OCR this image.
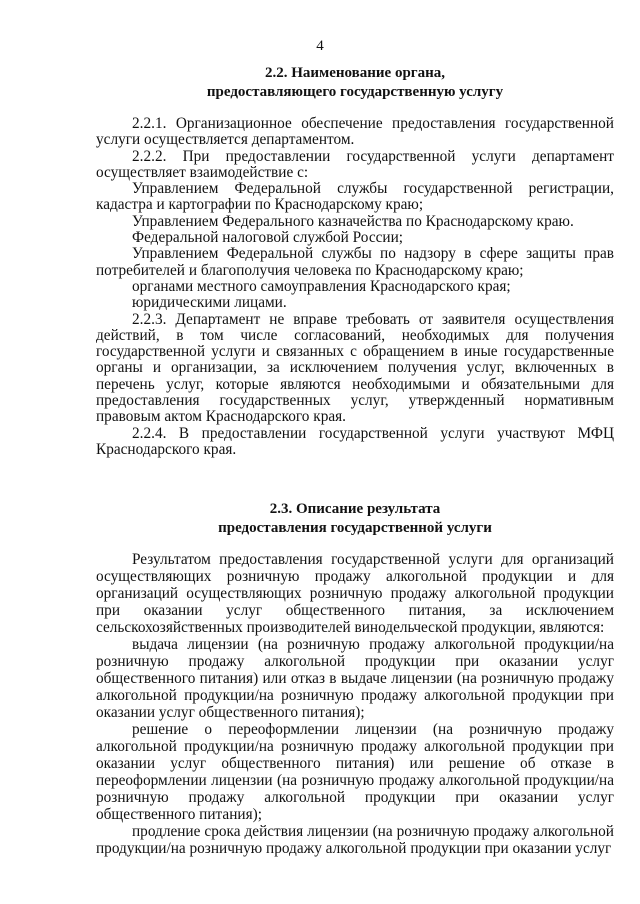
4
2.2. Наименование органа,
предоставляющего государственную услугу

2.2.1. Организационное обеспечение предоставления государственной услуги осуществляется департаментом.

2.2.2. При предоставлении государственной услуги департамент осуществляет взаимодействие с:

Управлением Федеральной службы государственной регистрации, кадастра и картографии по Краснодарскому краю;

Управлением Федерального казначейства по Краснодарскому краю.

Федеральной налоговой службой России;

Управлением Федеральной службы по надзору в сфере защиты прав потребителей и благополучия человека по Краснодарскому краю;

органами местного самоуправления Краснодарского края;

юридическими лицами.

2.2.3. Департамент не вправе требовать от заявителя осуществления действий, в том числе согласований, необходимых для получения государственной услуги и связанных с обращением в иные государственные органы и организации, за исключением получения услуг, включенных в перечень услуг, которые являются необходимыми и обязательными для предоставления государственных услуг, утвержденный нормативным правовым актом Краснодарского края.

2.2.4. В предоставлении государственной услуги участвуют МФЦ Краснодарского края.

2.3. Описание результата
предоставления государственной услуги

Результатом предоставления государственной услуги для организаций осуществляющих розничную продажу алкогольной продукции и для организаций осуществляющих розничную продажу алкогольной продукции при оказании услуг общественного питания, за исключением сельскохозяйственных производителей винодельческой продукции, являются:

выдача лицензии (на розничную продажу алкогольной продукции/на розничную продажу алкогольной продукции при оказании услуг общественного питания) или отказ в выдаче лицензии (на розничную продажу алкогольной продукции/на розничную продажу алкогольной продукции при оказании услуг общественного питания);

решение о переоформлении лицензии (на розничную продажу алкогольной продукции/на розничную продажу алкогольной продукции при оказании услуг общественного питания) или решение об отказе в переоформлении лицензии (на розничную продажу алкогольной продукции/на розничную продажу алкогольной продукции при оказании услуг общественного питания);

продление срока действия лицензии (на розничную продажу алкогольной продукции/на розничную продажу алкогольной продукции при оказании услуг
